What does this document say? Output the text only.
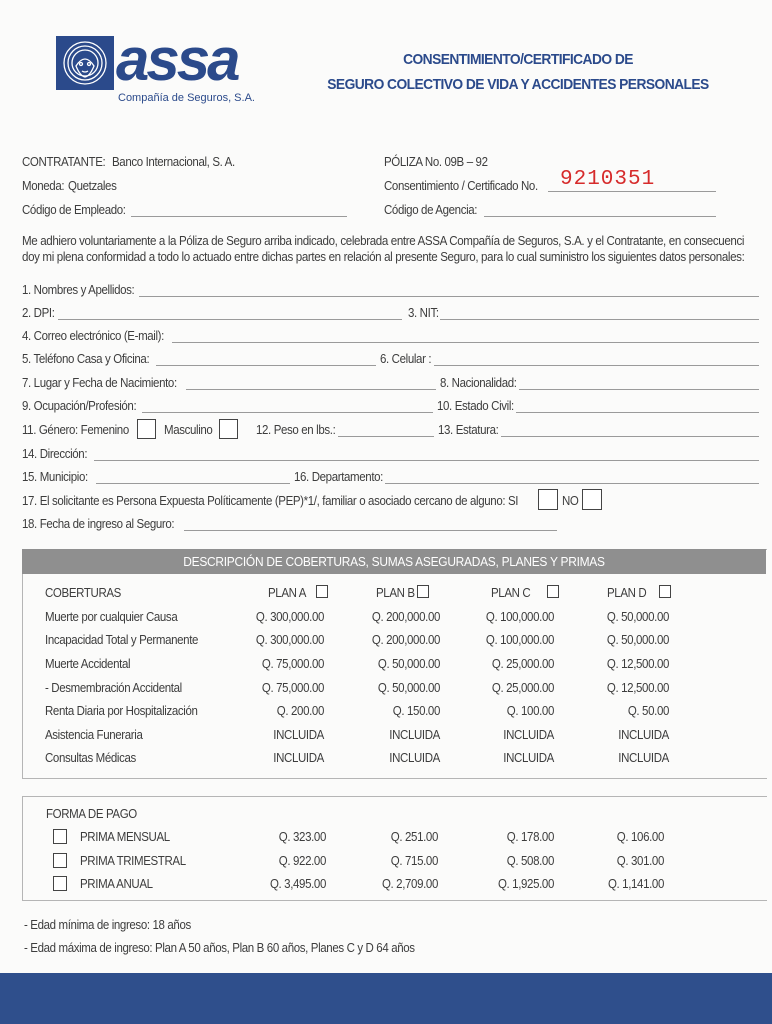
assa
Compañía de Seguros, S.A.
CONSENTIMIENTO/CERTIFICADO DE
SEGURO COLECTIVO DE VIDA Y ACCIDENTES PERSONALES
CONTRATANTE: Banco Internacional, S. A.
Moneda: Quetzales
Código de Empleado:
PÓLIZA No. 09B – 92
Consentimiento / Certificado No. 9210351
Código de Agencia:
Me adhiero voluntariamente a la Póliza de Seguro arriba indicado, celebrada entre ASSA Compañía de Seguros, S.A. y el Contratante, en consecuenci
doy mi plena conformidad a todo lo actuado entre dichas partes en relación al presente Seguro, para lo cual suministro los siguientes datos personales:
1. Nombres y Apellidos:
2. DPI:	3. NIT:
4. Correo electrónico (E-mail):
5. Teléfono Casa y Oficina:	6. Celular :
7. Lugar y Fecha de Nacimiento:	8. Nacionalidad:
9. Ocupación/Profesión:	10. Estado Civil:
11. Género: Femenino	Masculino	12. Peso en lbs.:	13. Estatura:
14. Dirección:
15. Municipio:	16. Departamento:
17. El solicitante es Persona Expuesta Políticamente (PEP)*1/, familiar o asociado cercano de alguno: SI	NO
18. Fecha de ingreso al Seguro:
DESCRIPCIÓN DE COBERTURAS, SUMAS ASEGURADAS, PLANES Y PRIMAS
COBERTURAS	PLAN A	PLAN B	PLAN C	PLAN D
Muerte por cualquier Causa	Q. 300,000.00	Q. 200,000.00	Q. 100,000.00	Q. 50,000.00
Incapacidad Total y Permanente	Q. 300,000.00	Q. 200,000.00	Q. 100,000.00	Q. 50,000.00
Muerte Accidental	Q. 75,000.00	Q. 50,000.00	Q. 25,000.00	Q. 12,500.00
- Desmembración Accidental	Q. 75,000.00	Q. 50,000.00	Q. 25,000.00	Q. 12,500.00
Renta Diaria por Hospitalización	Q. 200.00	Q. 150.00	Q. 100.00	Q. 50.00
Asistencia Funeraria	INCLUIDA	INCLUIDA	INCLUIDA	INCLUIDA
Consultas Médicas	INCLUIDA	INCLUIDA	INCLUIDA	INCLUIDA
FORMA DE PAGO
PRIMA MENSUAL	Q. 323.00	Q. 251.00	Q. 178.00	Q. 106.00
PRIMA TRIMESTRAL	Q. 922.00	Q. 715.00	Q. 508.00	Q. 301.00
PRIMA ANUAL	Q. 3,495.00	Q. 2,709.00	Q. 1,925.00	Q. 1,141.00
- Edad mínima de ingreso: 18 años
- Edad máxima de ingreso: Plan A 50 años, Plan B 60 años, Planes C y D 64 años
